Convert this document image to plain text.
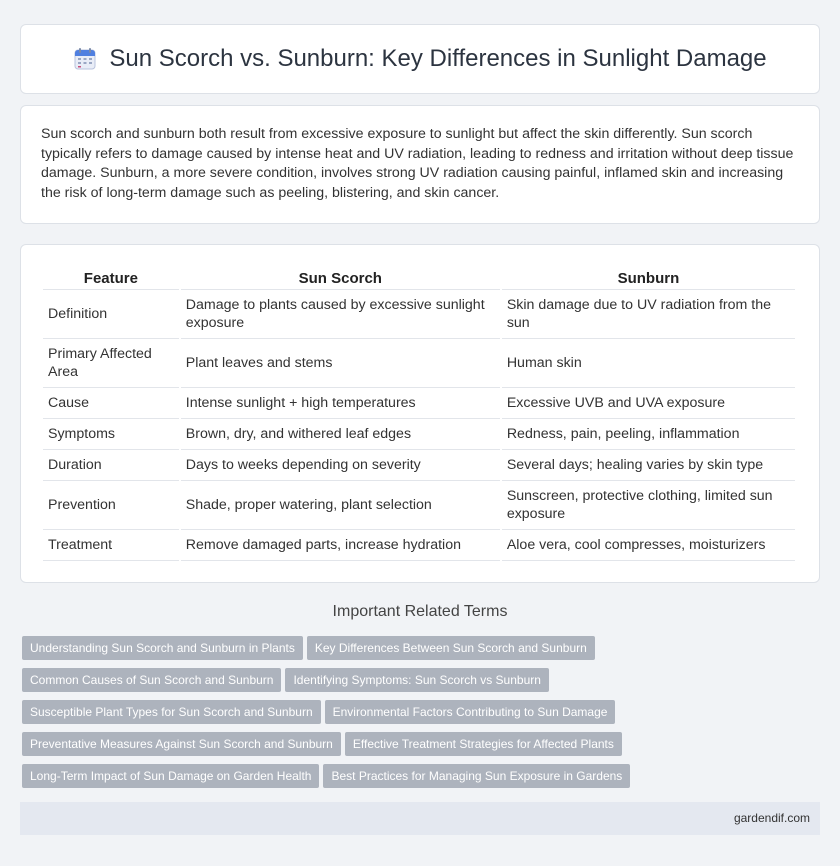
Sun Scorch vs. Sunburn: Key Differences in Sunlight Damage

Sun scorch and sunburn both result from excessive exposure to sunlight but affect the skin differently. Sun scorch typically refers to damage caused by intense heat and UV radiation, leading to redness and irritation without deep tissue damage. Sunburn, a more severe condition, involves strong UV radiation causing painful, inflamed skin and increasing the risk of long-term damage such as peeling, blistering, and skin cancer.

Feature	Sun Scorch	Sunburn
Definition	Damage to plants caused by excessive sunlight exposure	Skin damage due to UV radiation from the sun
Primary Affected Area	Plant leaves and stems	Human skin
Cause	Intense sunlight + high temperatures	Excessive UVB and UVA exposure
Symptoms	Brown, dry, and withered leaf edges	Redness, pain, peeling, inflammation
Duration	Days to weeks depending on severity	Several days; healing varies by skin type
Prevention	Shade, proper watering, plant selection	Sunscreen, protective clothing, limited sun exposure
Treatment	Remove damaged parts, increase hydration	Aloe vera, cool compresses, moisturizers
Important Related Terms
Understanding Sun Scorch and Sunburn in Plants Key Differences Between Sun Scorch and Sunburn
Common Causes of Sun Scorch and Sunburn Identifying Symptoms: Sun Scorch vs Sunburn
Susceptible Plant Types for Sun Scorch and Sunburn Environmental Factors Contributing to Sun Damage
Preventative Measures Against Sun Scorch and Sunburn Effective Treatment Strategies for Affected Plants
Long-Term Impact of Sun Damage on Garden Health Best Practices for Managing Sun Exposure in Gardens
gardendif.com
